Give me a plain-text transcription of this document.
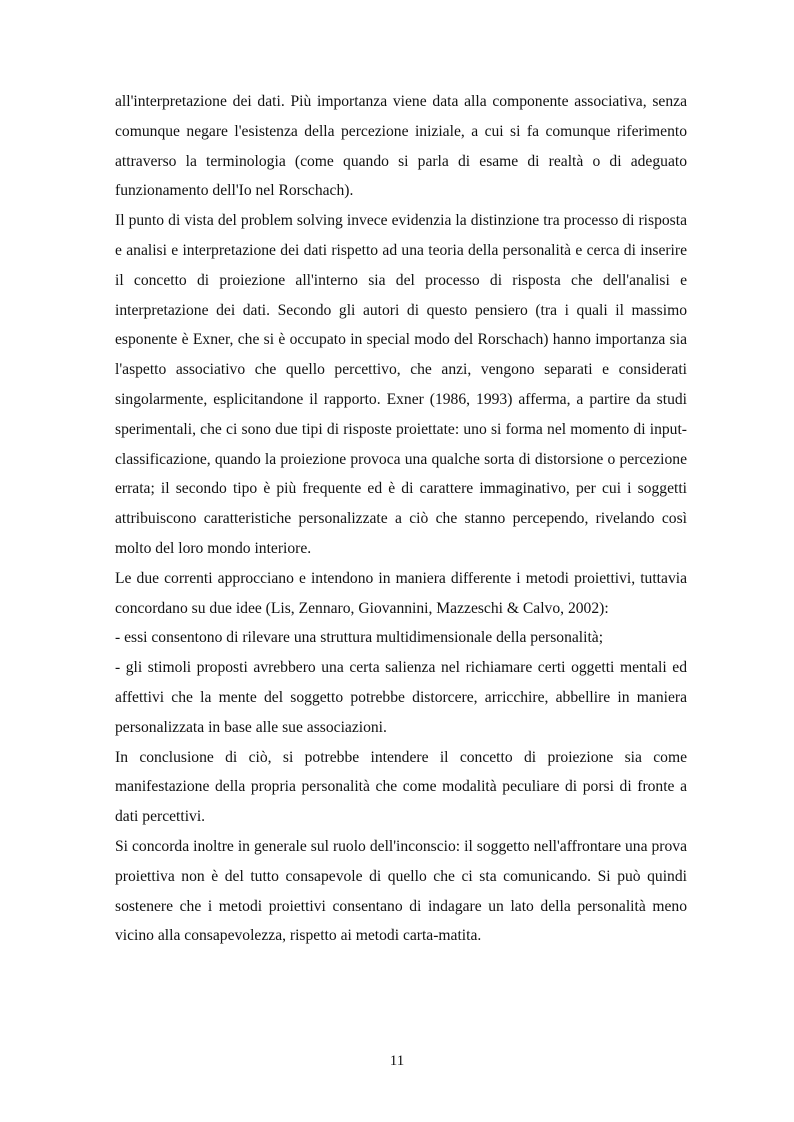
all'interpretazione dei dati. Più importanza viene data alla componente associativa, senza comunque negare l'esistenza della percezione iniziale, a cui si fa comunque riferimento attraverso la terminologia (come quando si parla di esame di realtà o di adeguato funzionamento dell'Io nel Rorschach).

Il punto di vista del problem solving invece evidenzia la distinzione tra processo di risposta e analisi e interpretazione dei dati rispetto ad una teoria della personalità e cerca di inserire il concetto di proiezione all'interno sia del processo di risposta che dell'analisi e interpretazione dei dati. Secondo gli autori di questo pensiero (tra i quali il massimo esponente è Exner, che si è occupato in special modo del Rorschach) hanno importanza sia l'aspetto associativo che quello percettivo, che anzi, vengono separati e considerati singolarmente, esplicitandone il rapporto. Exner (1986, 1993) afferma, a partire da studi sperimentali, che ci sono due tipi di risposte proiettate: uno si forma nel momento di input-classificazione, quando la proiezione provoca una qualche sorta di distorsione o percezione errata; il secondo tipo è più frequente ed è di carattere immaginativo, per cui i soggetti attribuiscono caratteristiche personalizzate a ciò che stanno percependo, rivelando così molto del loro mondo interiore.

Le due correnti approcciano e intendono in maniera differente i metodi proiettivi, tuttavia concordano su due idee (Lis, Zennaro, Giovannini, Mazzeschi & Calvo, 2002):

- essi consentono di rilevare una struttura multidimensionale della personalità;

- gli stimoli proposti avrebbero una certa salienza nel richiamare certi oggetti mentali ed affettivi che la mente del soggetto potrebbe distorcere, arricchire, abbellire in maniera personalizzata in base alle sue associazioni.

In conclusione di ciò, si potrebbe intendere il concetto di proiezione sia come manifestazione della propria personalità che come modalità peculiare di porsi di fronte a dati percettivi.

Si concorda inoltre in generale sul ruolo dell'inconscio: il soggetto nell'affrontare una prova proiettiva non è del tutto consapevole di quello che ci sta comunicando. Si può quindi sostenere che i metodi proiettivi consentano di indagare un lato della personalità meno vicino alla consapevolezza, rispetto ai metodi carta-matita.

11
